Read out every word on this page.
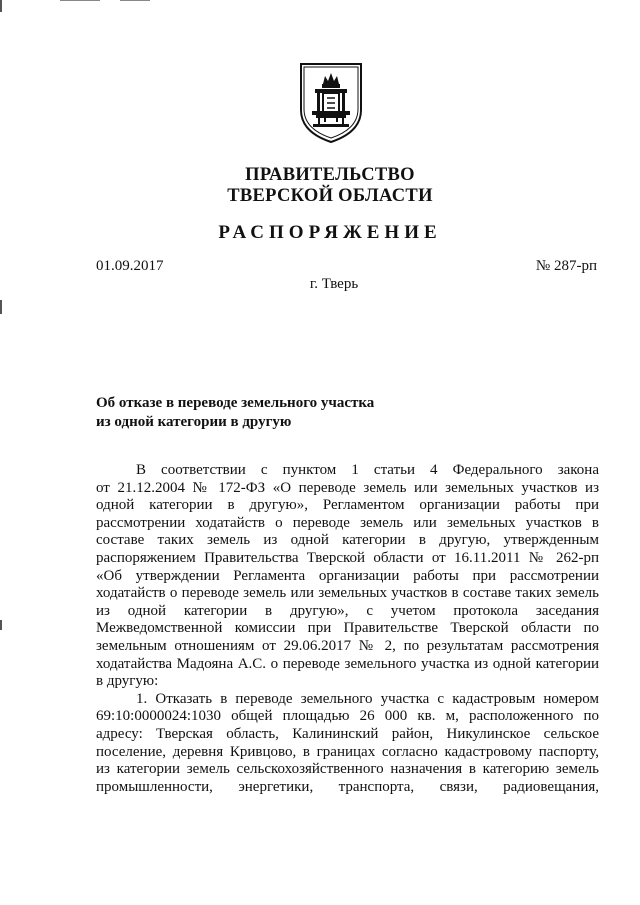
ПРАВИТЕЛЬСТВО
ТВЕРСКОЙ ОБЛАСТИ
РАСПОРЯЖЕНИЕ
01.09.2017	№ 287-рп
г. Тверь
Об отказе в переводе земельного участка
из одной категории в другую
В соответствии с пунктом 1 статьи 4 Федерального закона
от 21.12.2004 № 172-ФЗ «О переводе земель или земельных участков из
одной категории в другую», Регламентом организации работы при
рассмотрении ходатайств о переводе земель или земельных участков в
составе таких земель из одной категории в другую, утвержденным
распоряжением Правительства Тверской области от 16.11.2011 № 262-рп
«Об утверждении Регламента организации работы при рассмотрении
ходатайств о переводе земель или земельных участков в составе таких земель
из одной категории в другую», с учетом протокола заседания
Межведомственной комиссии при Правительстве Тверской области по
земельным отношениям от 29.06.2017 № 2, по результатам рассмотрения
ходатайства Мадояна А.С. о переводе земельного участка из одной категории
в другую:
1. Отказать в переводе земельного участка с кадастровым номером
69:10:0000024:1030 общей площадью 26 000 кв. м, расположенного по
адресу: Тверская область, Калининский район, Никулинское сельское
поселение, деревня Кривцово, в границах согласно кадастровому паспорту,
из категории земель сельскохозяйственного назначения в категорию земель
промышленности, энергетики, транспорта, связи, радиовещания,
